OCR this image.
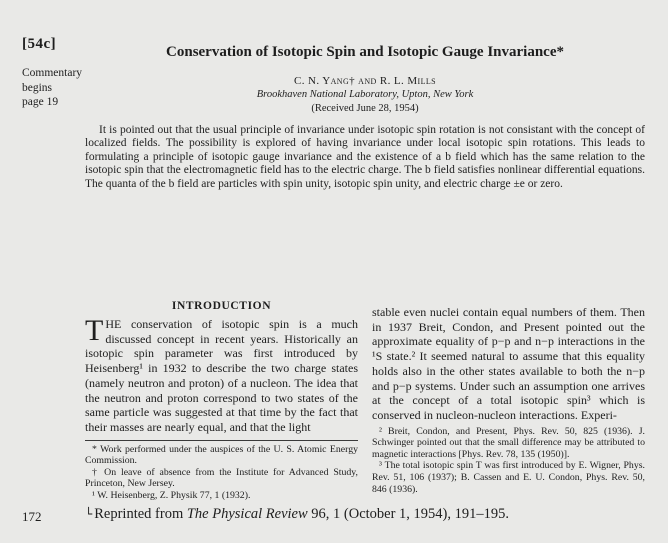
[54c]
Commentary
begins
page 19
Conservation of Isotopic Spin and Isotopic Gauge Invariance*

C. N. Yang† and R. L. Mills

Brookhaven National Laboratory, Upton, New York

(Received June 28, 1954)

It is pointed out that the usual principle of invariance under isotopic spin rotation is not consistant with the concept of localized fields. The possibility is explored of having invariance under local isotopic spin rotations. This leads to formulating a principle of isotopic gauge invariance and the existence of a b field which has the same relation to the isotopic spin that the electromagnetic field has to the electric charge. The b field satisfies nonlinear differential equations. The quanta of the b field are particles with spin unity, isotopic spin unity, and electric charge ±e or zero.

INTRODUCTION

THE conservation of isotopic spin is a much discussed concept in recent years. Historically an isotopic spin parameter was first introduced by Heisenberg¹ in 1932 to describe the two charge states (namely neutron and proton) of a nucleon. The idea that the neutron and proton correspond to two states of the same particle was suggested at that time by the fact that their masses are nearly equal, and that the light

* Work performed under the auspices of the U. S. Atomic Energy Commission.

† On leave of absence from the Institute for Advanced Study, Princeton, New Jersey.

¹ W. Heisenberg, Z. Physik 77, 1 (1932).

stable even nuclei contain equal numbers of them. Then in 1937 Breit, Condon, and Present pointed out the approximate equality of p−p and n−p interactions in the ¹S state.² It seemed natural to assume that this equality holds also in the other states available to both the n−p and p−p systems. Under such an assumption one arrives at the concept of a total isotopic spin³ which is conserved in nucleon-nucleon interactions. Experi-

² Breit, Condon, and Present, Phys. Rev. 50, 825 (1936). J. Schwinger pointed out that the small difference may be attributed to magnetic interactions [Phys. Rev. 78, 135 (1950)].

³ The total isotopic spin T was first introduced by E. Wigner, Phys. Rev. 51, 106 (1937); B. Cassen and E. U. Condon, Phys. Rev. 50, 846 (1936).

172	└ Reprinted from The Physical Review 96, 1 (October 1, 1954), 191–195.
